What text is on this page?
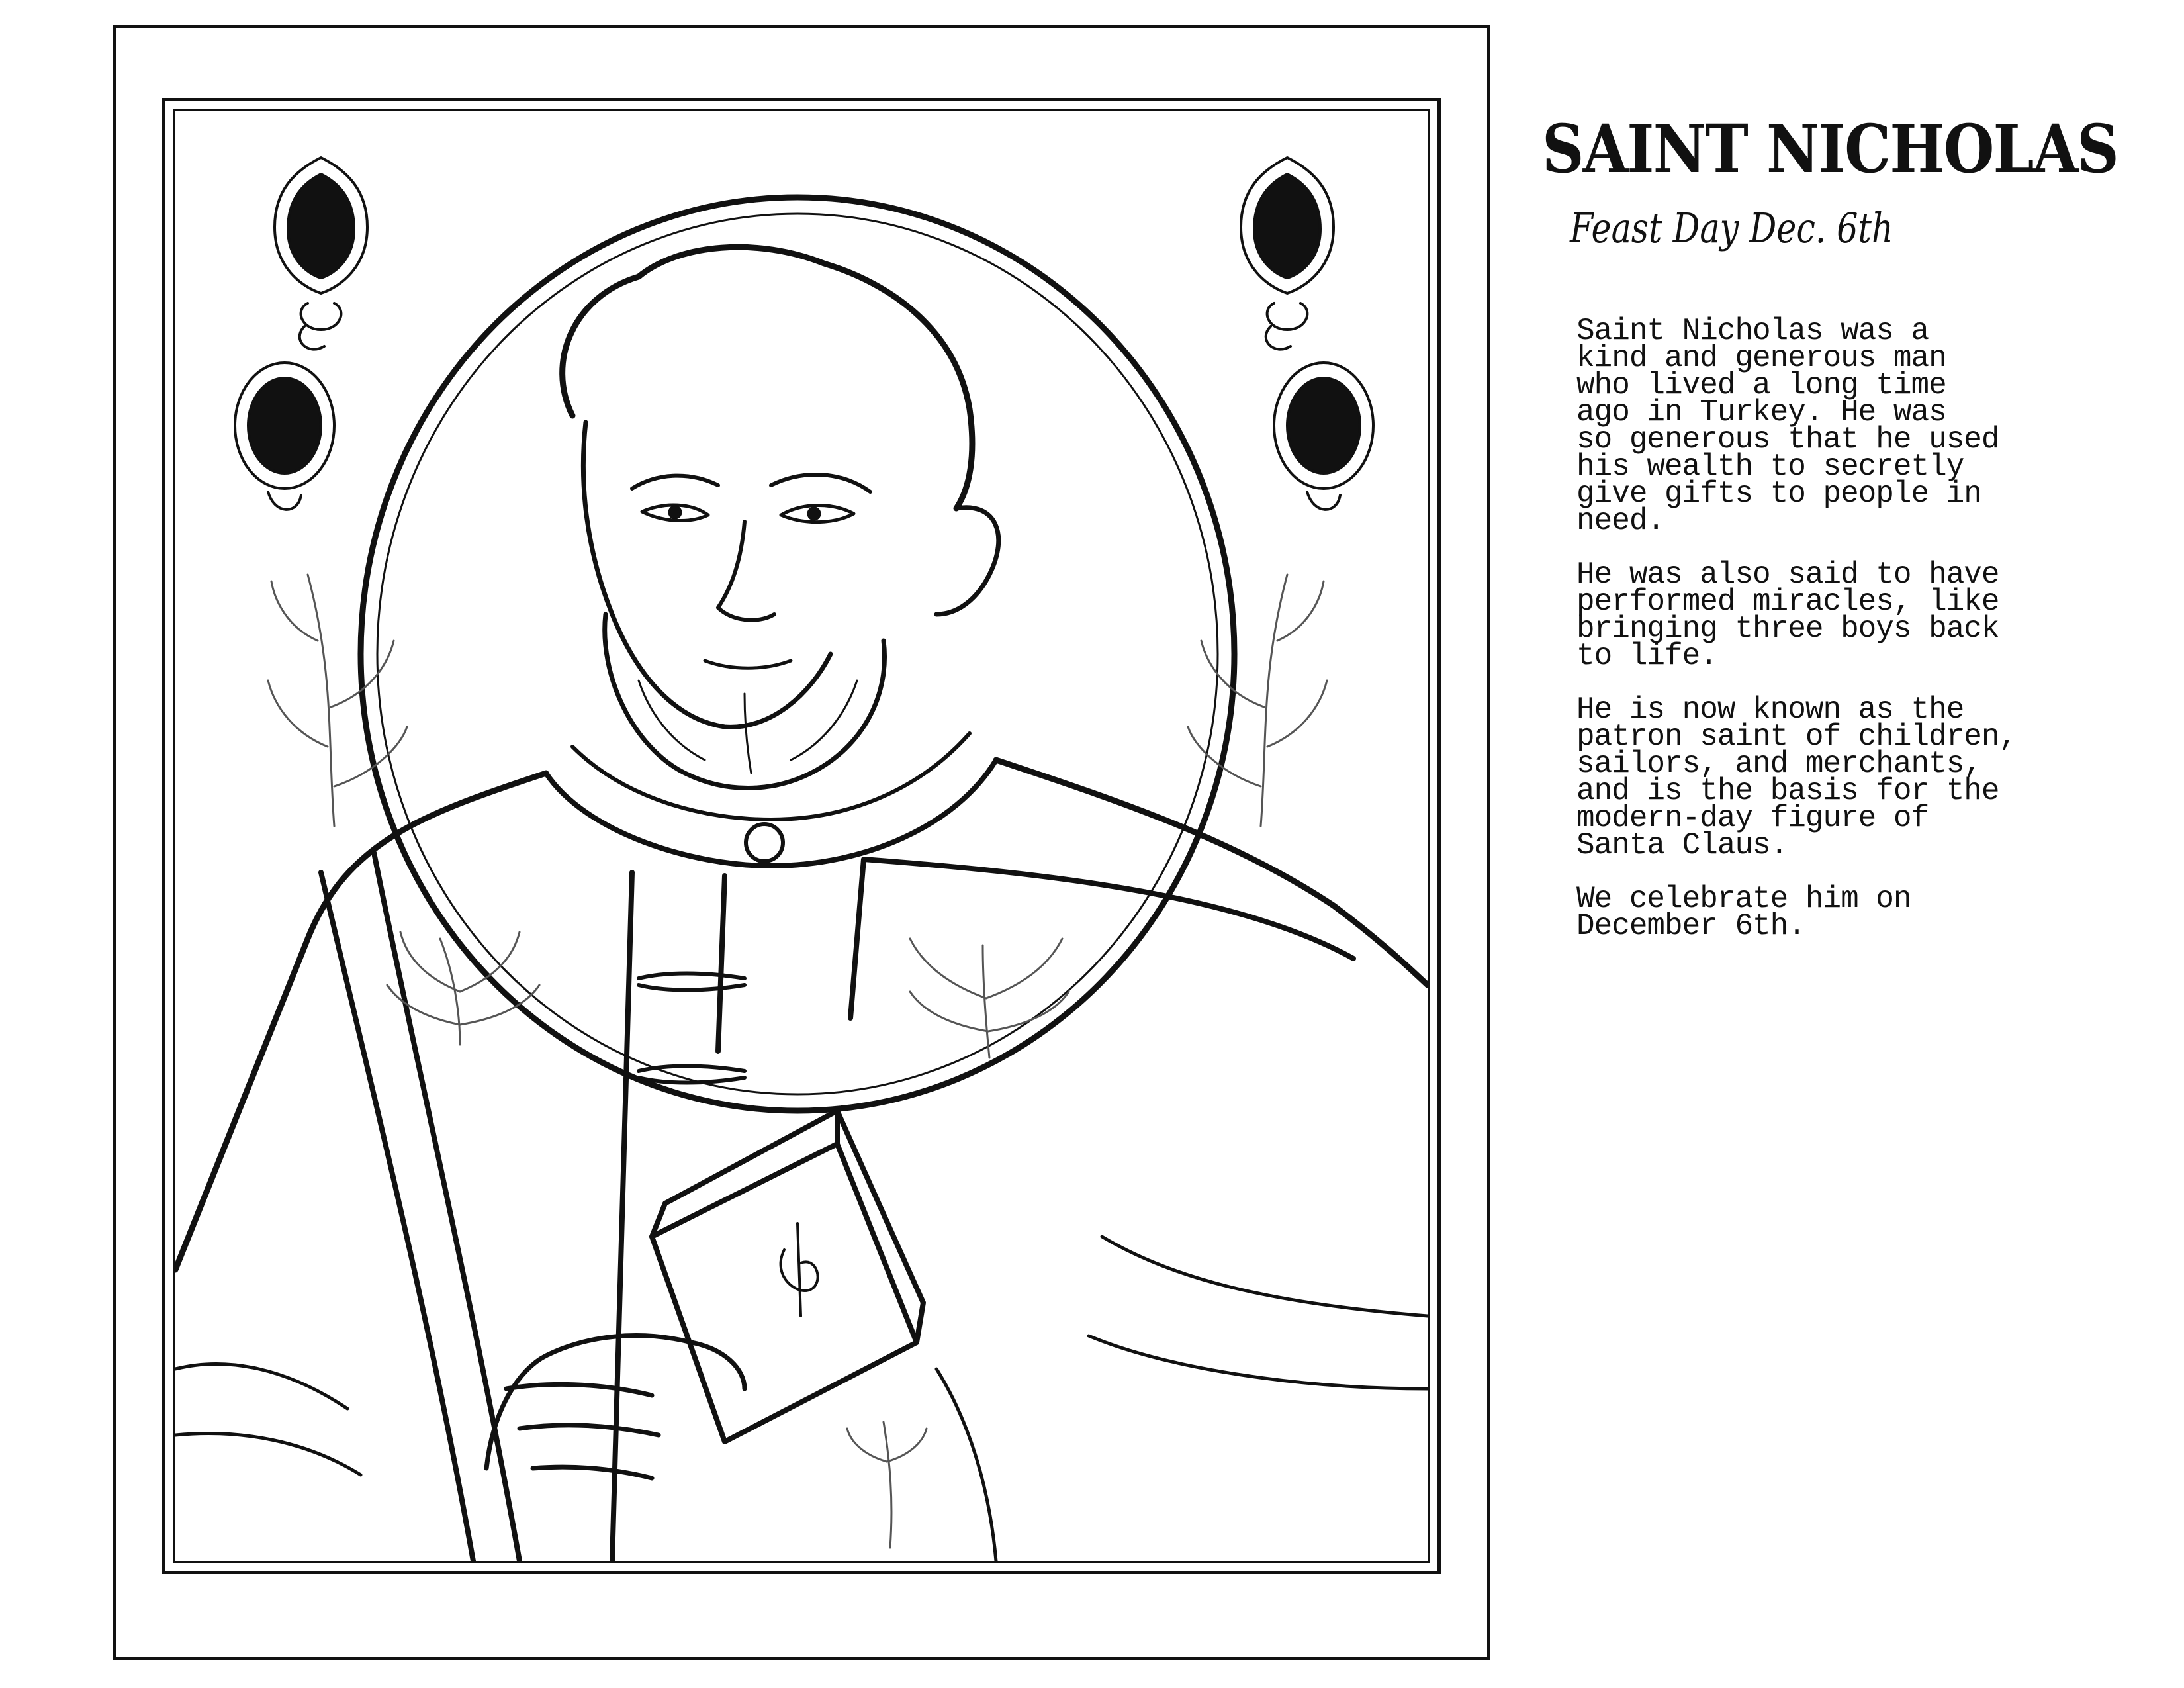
SAINT NICHOLAS
Feast Day Dec. 6th

Saint Nicholas was a
kind and generous man
who lived a long time
ago in Turkey. He was
so generous that he used
his wealth to secretly
give gifts to people in
need.

He was also said to have
performed miracles, like
bringing three boys back
to life.

He is now known as the
patron saint of children,
sailors, and merchants,
and is the basis for the
modern-day figure of
Santa Claus.

We celebrate him on
December 6th.
